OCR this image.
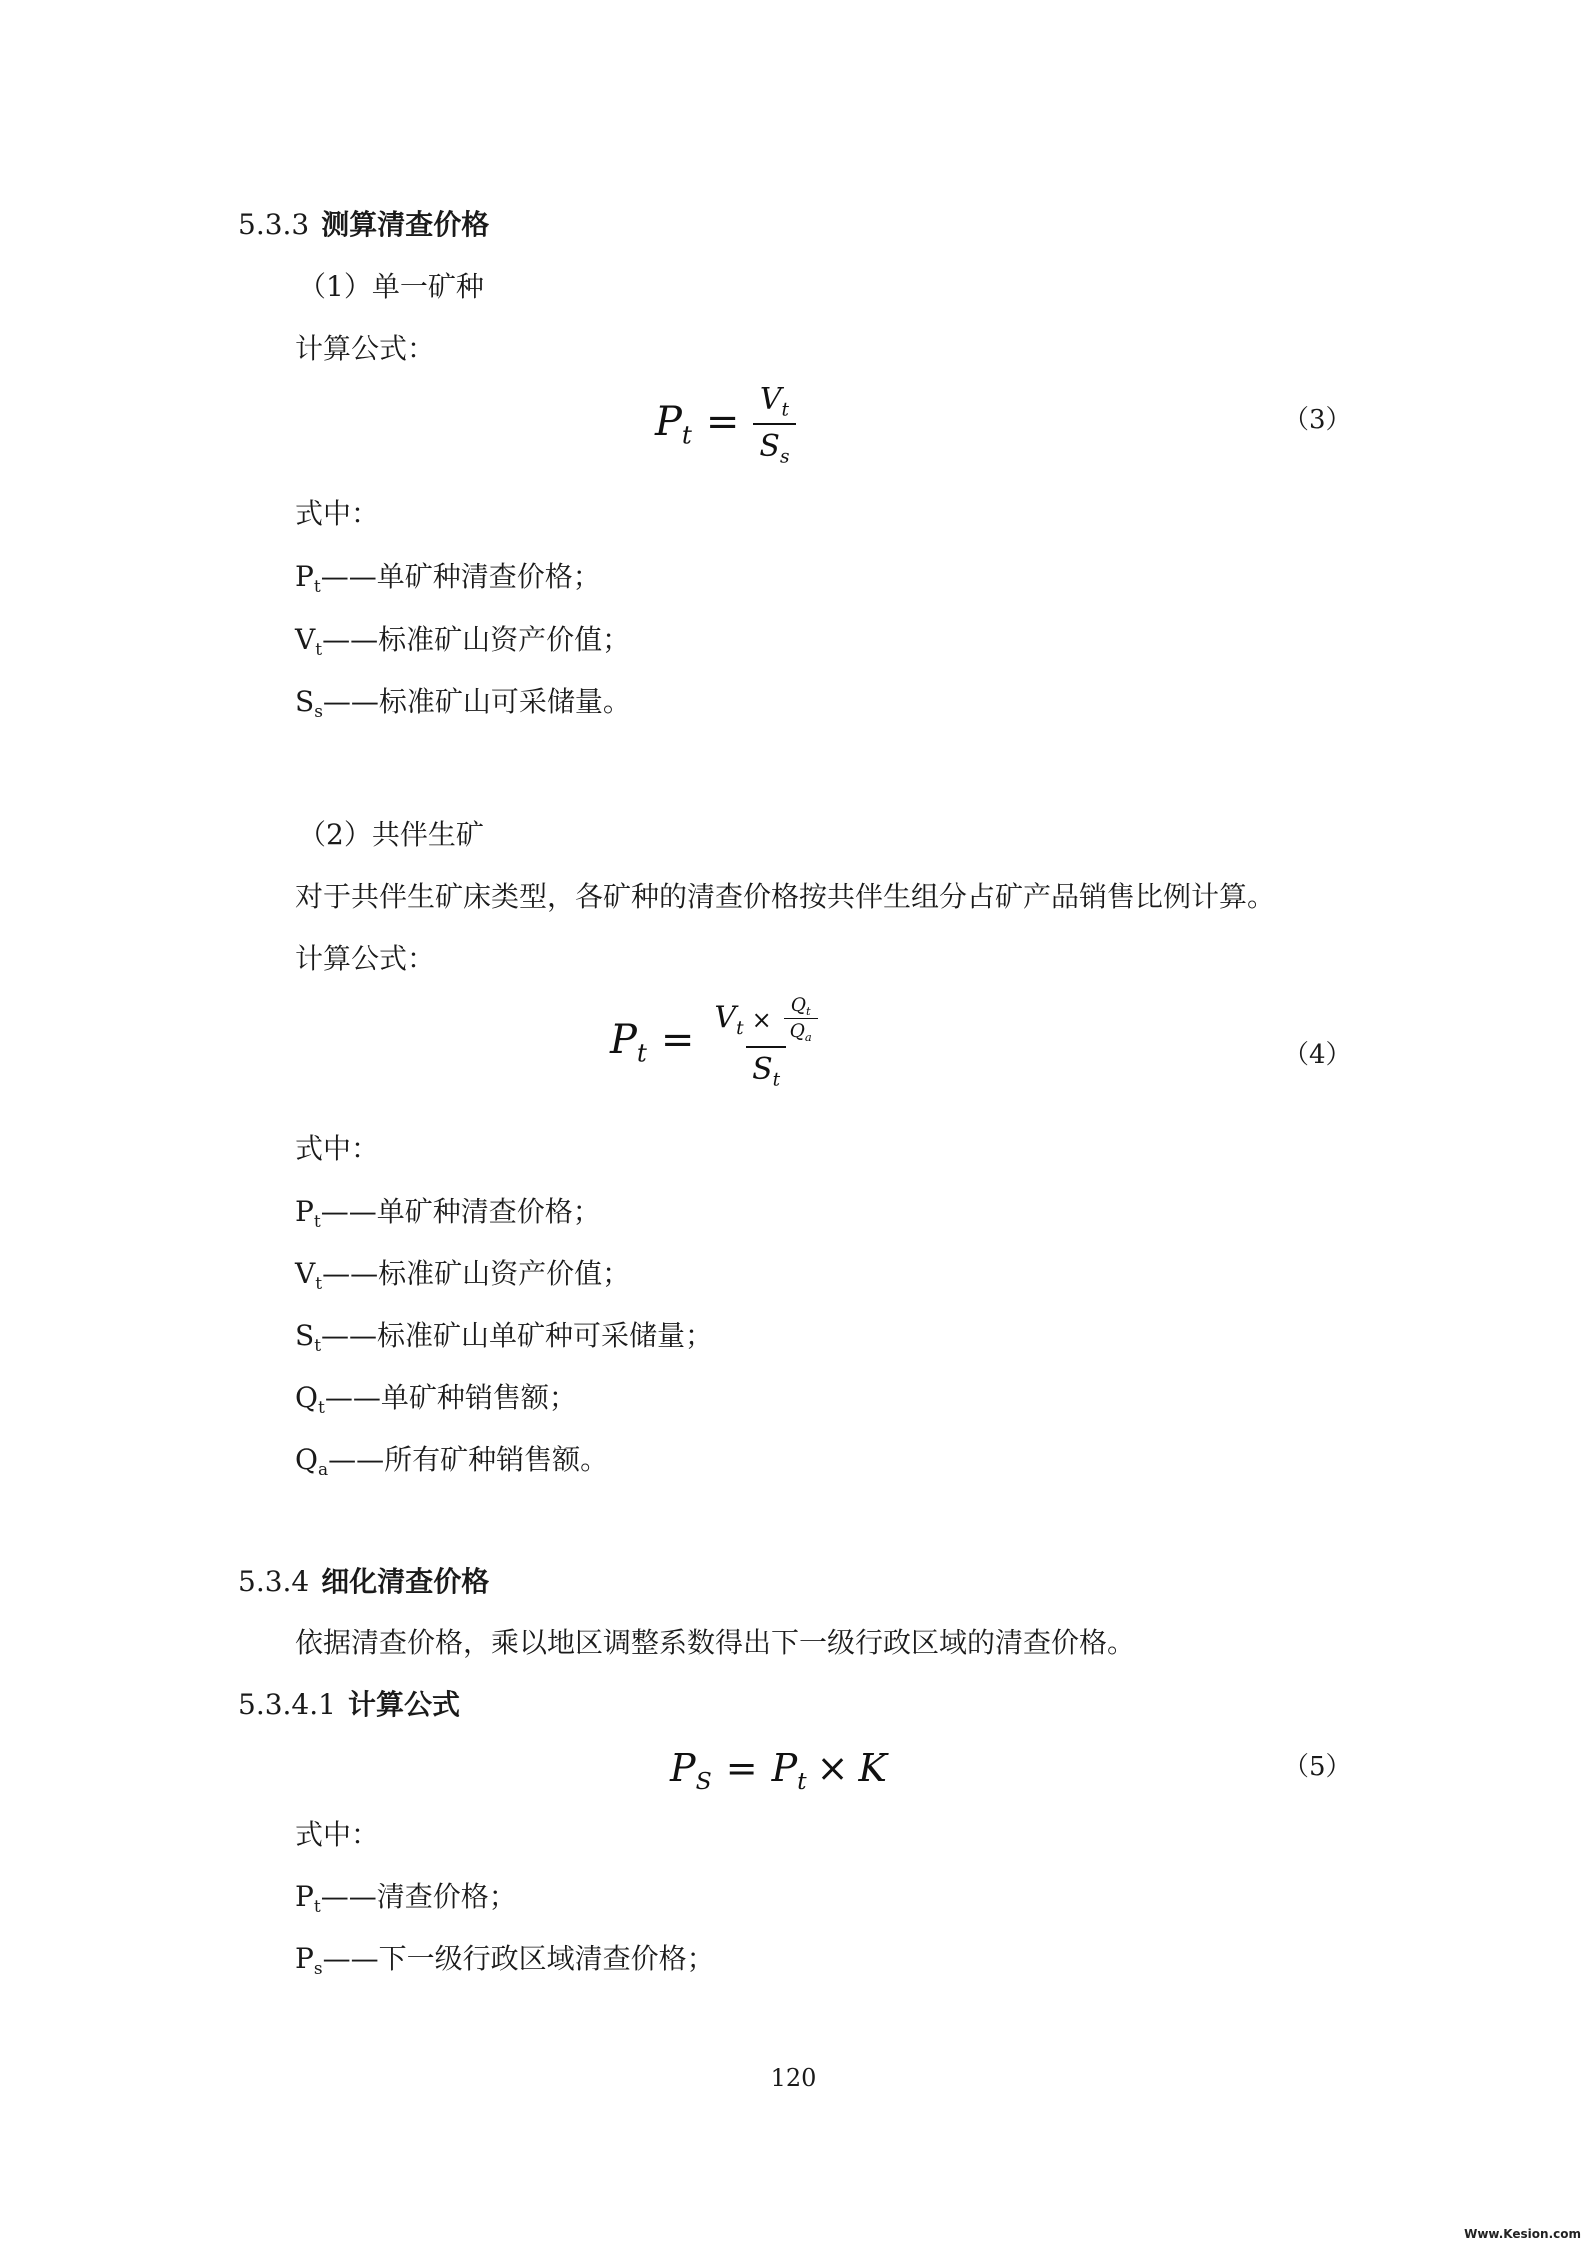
5.3.3 测算清查价格
（1）单一矿种
计算公式：
$P_t = \frac{V_t}{S_s}$	（3）
式中：
$P_t——$单矿种清查价格；
$V_t——$标准矿山资产价值；
$S_s——$标准矿山可采储量。
（2）共伴生矿
对于共伴生矿床类型，各矿种的清查价格按共伴生组分占矿产品销售比例计算。
计算公式：
$P_t = \frac{V_t \times \frac{Q_t}{Q_a}}{S_t}$	（4）
式中：
$P_t——$单矿种清查价格；
$V_t——$标准矿山资产价值；
$S_t——$标准矿山单矿种可采储量；
$Q_t——$单矿种销售额；
$Q_a——$所有矿种销售额。
5.3.4 细化清查价格
依据清查价格，乘以地区调整系数得出下一级行政区域的清查价格。
5.3.4.1 计算公式
$P_S = P_t \times K$	（5）
式中：
$P_t——$清查价格；
$P_s——$下一级行政区域清查价格；
120
Www.Kesion.com
